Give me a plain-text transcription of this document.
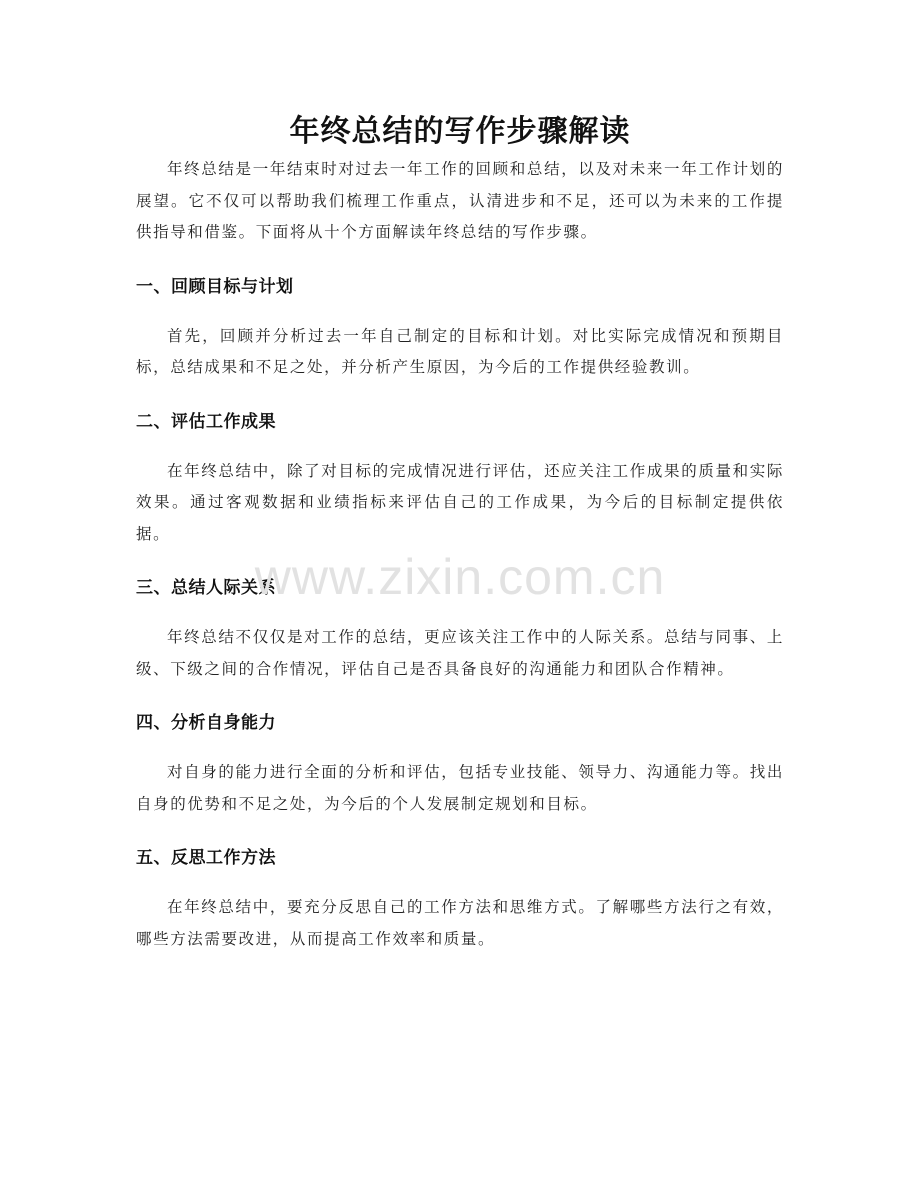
年终总结的写作步骤解读

年终总结是一年结束时对过去一年工作的回顾和总结，以及对未来一年工作计划的展望。它不仅可以帮助我们梳理工作重点，认清进步和不足，还可以为未来的工作提供指导和借鉴。下面将从十个方面解读年终总结的写作步骤。

一、回顾目标与计划

首先，回顾并分析过去一年自己制定的目标和计划。对比实际完成情况和预期目标，总结成果和不足之处，并分析产生原因，为今后的工作提供经验教训。

二、评估工作成果

在年终总结中，除了对目标的完成情况进行评估，还应关注工作成果的质量和实际效果。通过客观数据和业绩指标来评估自己的工作成果，为今后的目标制定提供依据。

三、总结人际关系

年终总结不仅仅是对工作的总结，更应该关注工作中的人际关系。总结与同事、上级、下级之间的合作情况，评估自己是否具备良好的沟通能力和团队合作精神。

四、分析自身能力

对自身的能力进行全面的分析和评估，包括专业技能、领导力、沟通能力等。找出自身的优势和不足之处，为今后的个人发展制定规划和目标。

五、反思工作方法

在年终总结中，要充分反思自己的工作方法和思维方式。了解哪些方法行之有效，哪些方法需要改进，从而提高工作效率和质量。

www.zixin.com.cn
